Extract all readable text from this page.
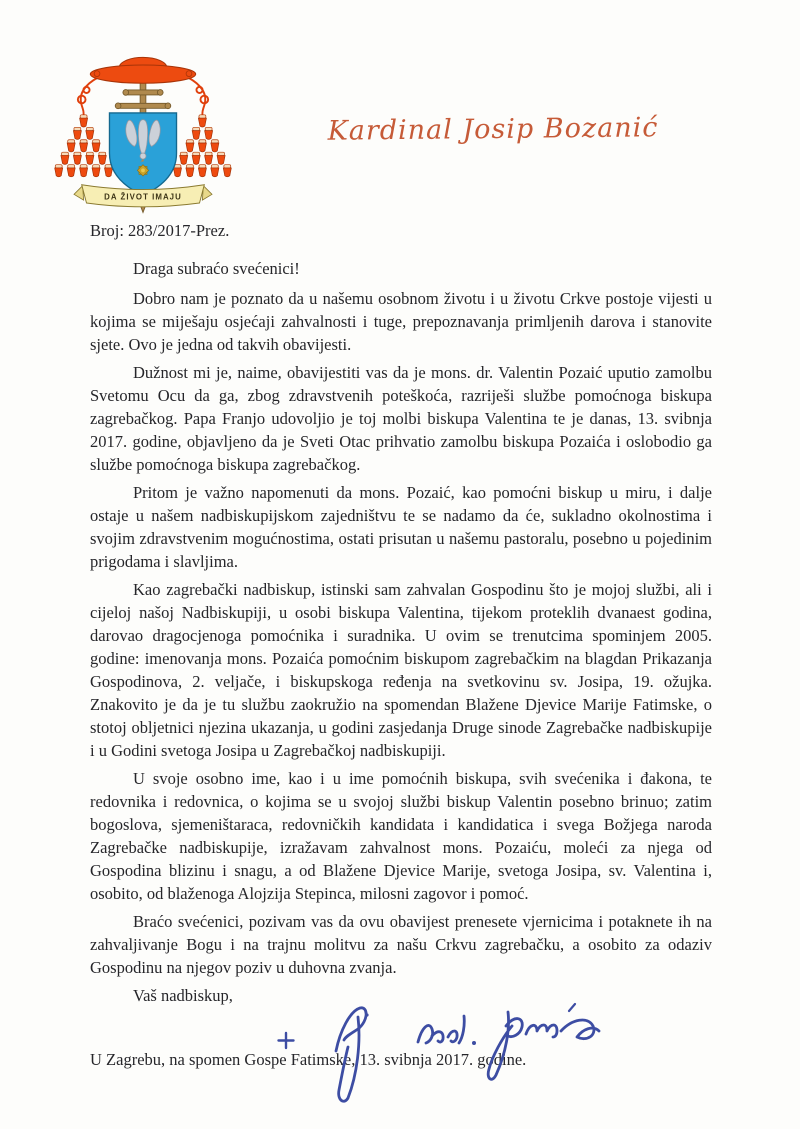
DA ŽIVOT IMAJU
Kardinal Josip Bozanić

Broj: 283/2017-Prez.

Draga subraćo svećenici!

Dobro nam je poznato da u našemu osobnom životu i u životu Crkve postoje vijesti u kojima se miješaju osjećaji zahvalnosti i tuge, prepoznavanja primljenih darova i stanovite sjete. Ovo je jedna od takvih obavijesti.

Dužnost mi je, naime, obavijestiti vas da je mons. dr. Valentin Pozaić uputio zamolbu Svetomu Ocu da ga, zbog zdravstvenih poteškoća, razriješi službe pomoćnoga biskupa zagrebačkog. Papa Franjo udovoljio je toj molbi biskupa Valentina te je danas, 13. svibnja 2017. godine, objavljeno da je Sveti Otac prihvatio zamolbu biskupa Pozaića i oslobodio ga službe pomoćnoga biskupa zagrebačkog.

Pritom je važno napomenuti da mons. Pozaić, kao pomoćni biskup u miru, i dalje ostaje u našem nadbiskupijskom zajedništvu te se nadamo da će, sukladno okolnostima i svojim zdravstvenim mogućnostima, ostati prisutan u našemu pastoralu, posebno u pojedinim prigodama i slavljima.

Kao zagrebački nadbiskup, istinski sam zahvalan Gospodinu što je mojoj službi, ali i cijeloj našoj Nadbiskupiji, u osobi biskupa Valentina, tijekom proteklih dvanaest godina, darovao dragocjenoga pomoćnika i suradnika. U ovim se trenutcima spominjem 2005. godine: imenovanja mons. Pozaića pomoćnim biskupom zagrebačkim na blagdan Prikazanja Gospodinova, 2. veljače, i biskupskoga ređenja na svetkovinu sv. Josipa, 19. ožujka. Znakovito je da je tu službu zaokružio na spomendan Blažene Djevice Marije Fatimske, o stotoj obljetnici njezina ukazanja, u godini zasjedanja Druge sinode Zagrebačke nadbiskupije i u Godini svetoga Josipa u Zagrebačkoj nadbiskupiji.

U svoje osobno ime, kao i u ime pomoćnih biskupa, svih svećenika i đakona, te redovnika i redovnica, o kojima se u svojoj službi biskup Valentin posebno brinuo; zatim bogoslova, sjemeništaraca, redovničkih kandidata i kandidatica i svega Božjega naroda Zagrebačke nadbiskupije, izražavam zahvalnost mons. Pozaiću, moleći za njega od Gospodina blizinu i snagu, a od Blažene Djevice Marije, svetoga Josipa, sv. Valentina i, osobito, od blaženoga Alojzija Stepinca, milosni zagovor i pomoć.

Braćo svećenici, pozivam vas da ovu obavijest prenesete vjernicima i potaknete ih na zahvaljivanje Bogu i na trajnu molitvu za našu Crkvu zagrebačku, a osobito za odaziv Gospodinu na njegov poziv u duhovna zvanja.

Vaš nadbiskup,

U Zagrebu, na spomen Gospe Fatimske, 13. svibnja 2017. godine.
